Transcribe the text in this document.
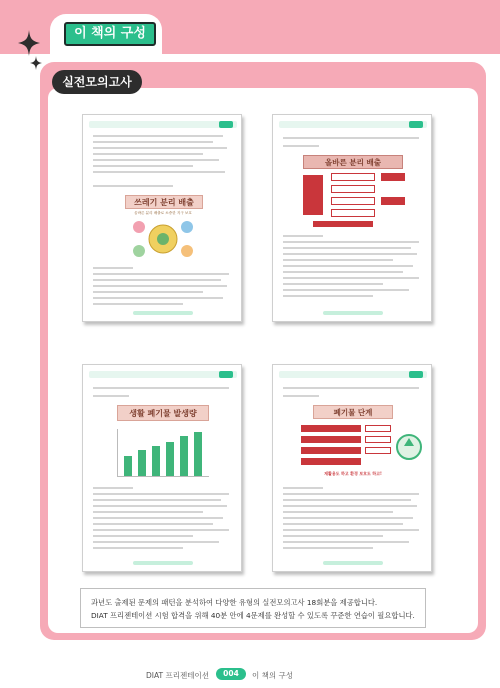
이 책의 구성
실전모의고사
쓰레기 분리 배출
올바른 분리 배출로 소중한 지구 보호
올바른 분리 배출
생활 폐기물 발생량	폐기물 단계
재활용도 하고 환경 보호도 하고!

과년도 출제된 문제의 패턴을 분석하여 다양한 유형의 실전모의고사 18회분을 제공합니다.

DIAT 프리젠테이션 시험 합격을 위해 40분 안에 4문제를 완성할 수 있도록 꾸준한 연습이 필요합니다.

DIAT 프리젠테이션	004	이 책의 구성
